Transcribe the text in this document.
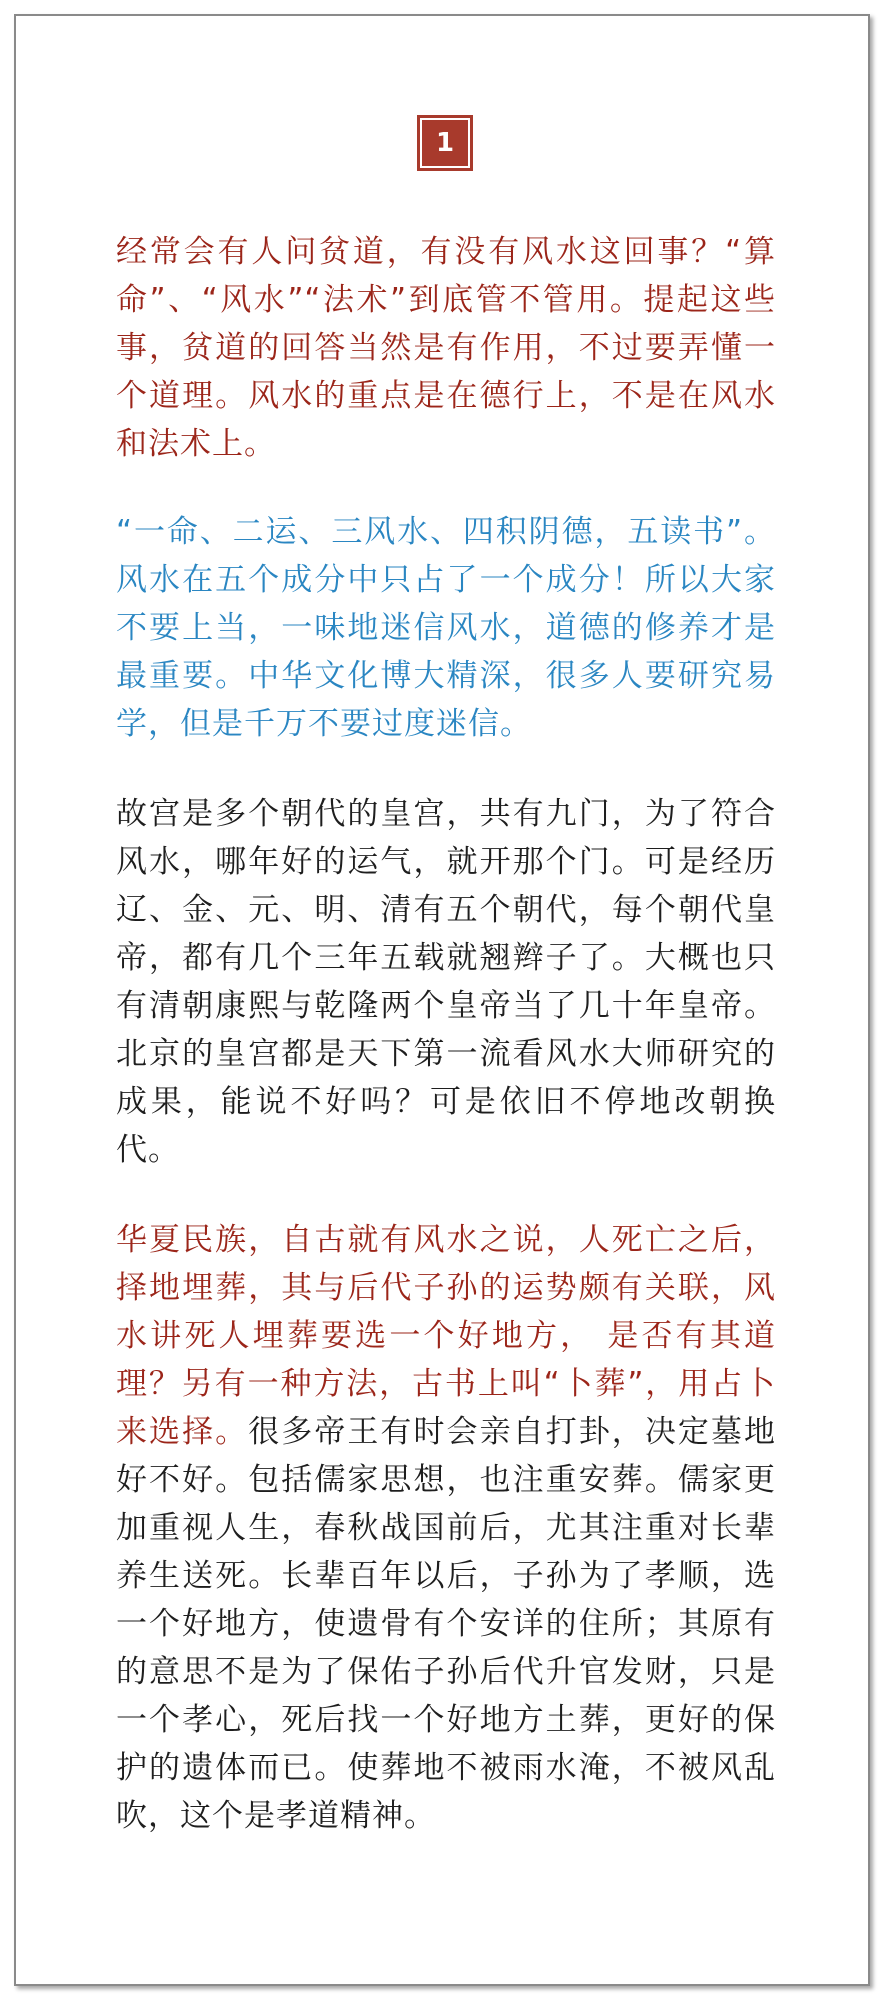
1

经常会有人问贫道，有没有风水这回事？“算命”、“风水”“法术”到底管不管用。提起这些事，贫道的回答当然是有作用，不过要弄懂一个道理。风水的重点是在德行上，不是在风水和法术上。

“一命、二运、三风水、四积阴德，五读书”。风水在五个成分中只占了一个成分！所以大家不要上当，一味地迷信风水，道德的修养才是最重要。中华文化博大精深，很多人要研究易学，但是千万不要过度迷信。

故宫是多个朝代的皇宫，共有九门，为了符合风水，哪年好的运气，就开那个门。可是经历辽、金、元、明、清有五个朝代，每个朝代皇帝，都有几个三年五载就翘辫子了。大概也只有清朝康熙与乾隆两个皇帝当了几十年皇帝。北京的皇宫都是天下第一流看风水大师研究的成果，能说不好吗？可是依旧不停地改朝换代。

华夏民族，自古就有风水之说，人死亡之后，择地埋葬，其与后代子孙的运势颇有关联，风水讲死人埋葬要选一个好地方， 是否有其道理？另有一种方法，古书上叫“卜葬”，用占卜来选择。很多帝王有时会亲自打卦，决定墓地好不好。包括儒家思想，也注重安葬。儒家更加重视人生，春秋战国前后，尤其注重对长辈养生送死。长辈百年以后，子孙为了孝顺，选一个好地方，使遗骨有个安详的住所；其原有的意思不是为了保佑子孙后代升官发财，只是一个孝心，死后找一个好地方土葬，更好的保护的遗体而已。使葬地不被雨水淹，不被风乱吹，这个是孝道精神。
